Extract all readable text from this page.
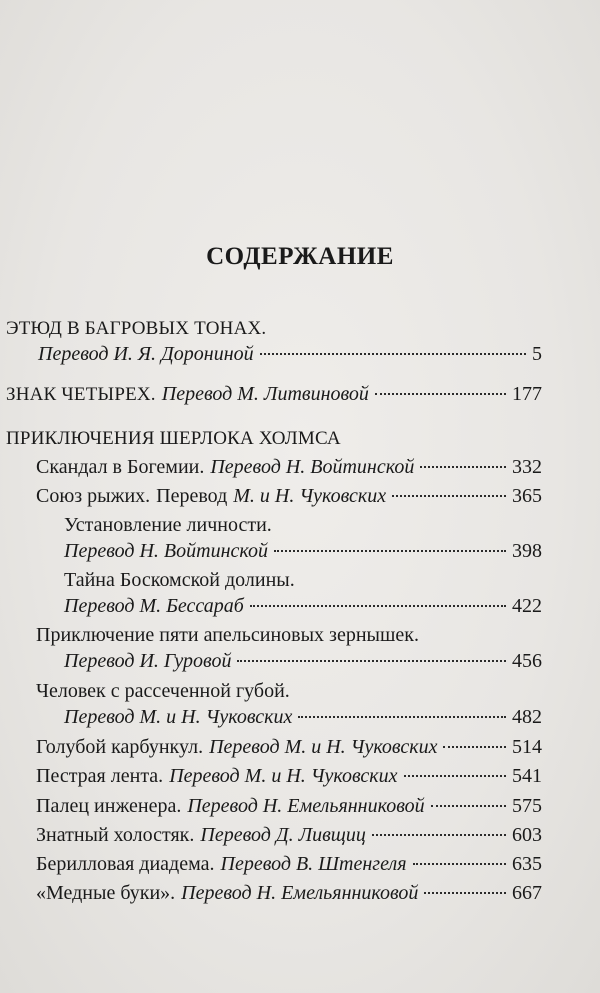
СОДЕРЖАНИЕ
ЭТЮД В БАГРОВЫХ ТОНАХ.
Перевод И. Я. Дорониной	5
ЗНАК ЧЕТЫРЕХ. Перевод М. Литвиновой	177
ПРИКЛЮЧЕНИЯ ШЕРЛОКА ХОЛМСА
Скандал в Богемии. Перевод Н. Войтинской	332
Союз рыжих. Перевод М. и Н. Чуковских	365
Установление личности.
Перевод Н. Войтинской	398
Тайна Боскомской долины.
Перевод М. Бессараб	422
Приключение пяти апельсиновых зернышек.
Перевод И. Гуровой	456
Человек с рассеченной губой.
Перевод М. и Н. Чуковских	482
Голубой карбункул. Перевод М. и Н. Чуковских	514
Пестрая лента. Перевод М. и Н. Чуковских	541
Палец инженера. Перевод Н. Емельянниковой	575
Знатный холостяк. Перевод Д. Ливщиц	603
Берилловая диадема. Перевод В. Штенгеля	635
«Медные буки». Перевод Н. Емельянниковой	667
